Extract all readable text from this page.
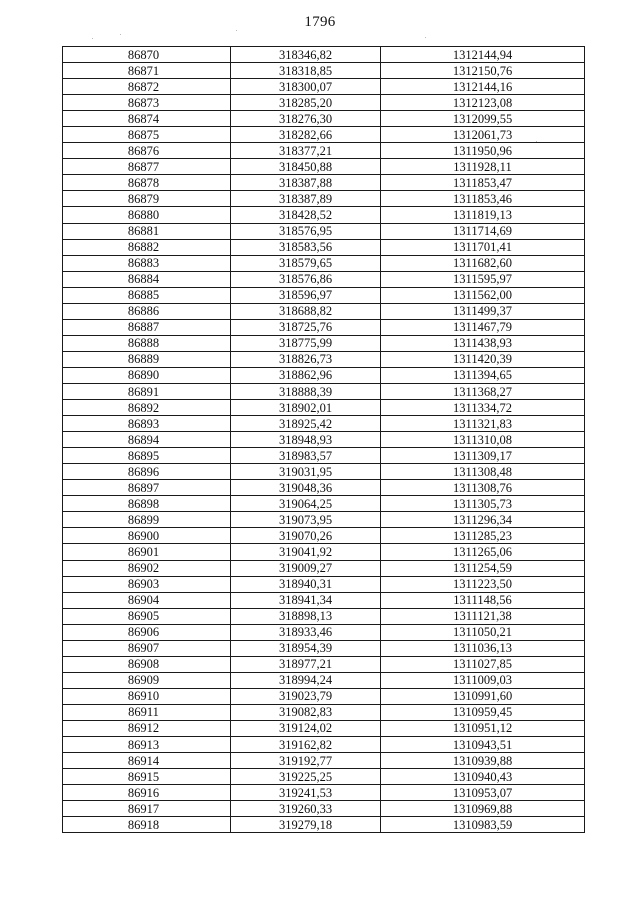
1796
86870	318346,82	1312144,94
86871	318318,85	1312150,76
86872	318300,07	1312144,16
86873	318285,20	1312123,08
86874	318276,30	1312099,55
86875	318282,66	1312061,73
86876	318377,21	1311950,96
86877	318450,88	1311928,11
86878	318387,88	1311853,47
86879	318387,89	1311853,46
86880	318428,52	1311819,13
86881	318576,95	1311714,69
86882	318583,56	1311701,41
86883	318579,65	1311682,60
86884	318576,86	1311595,97
86885	318596,97	1311562,00
86886	318688,82	1311499,37
86887	318725,76	1311467,79
86888	318775,99	1311438,93
86889	318826,73	1311420,39
86890	318862,96	1311394,65
86891	318888,39	1311368,27
86892	318902,01	1311334,72
86893	318925,42	1311321,83
86894	318948,93	1311310,08
86895	318983,57	1311309,17
86896	319031,95	1311308,48
86897	319048,36	1311308,76
86898	319064,25	1311305,73
86899	319073,95	1311296,34
86900	319070,26	1311285,23
86901	319041,92	1311265,06
86902	319009,27	1311254,59
86903	318940,31	1311223,50
86904	318941,34	1311148,56
86905	318898,13	1311121,38
86906	318933,46	1311050,21
86907	318954,39	1311036,13
86908	318977,21	1311027,85
86909	318994,24	1311009,03
86910	319023,79	1310991,60
86911	319082,83	1310959,45
86912	319124,02	1310951,12
86913	319162,82	1310943,51
86914	319192,77	1310939,88
86915	319225,25	1310940,43
86916	319241,53	1310953,07
86917	319260,33	1310969,88
86918	319279,18	1310983,59
